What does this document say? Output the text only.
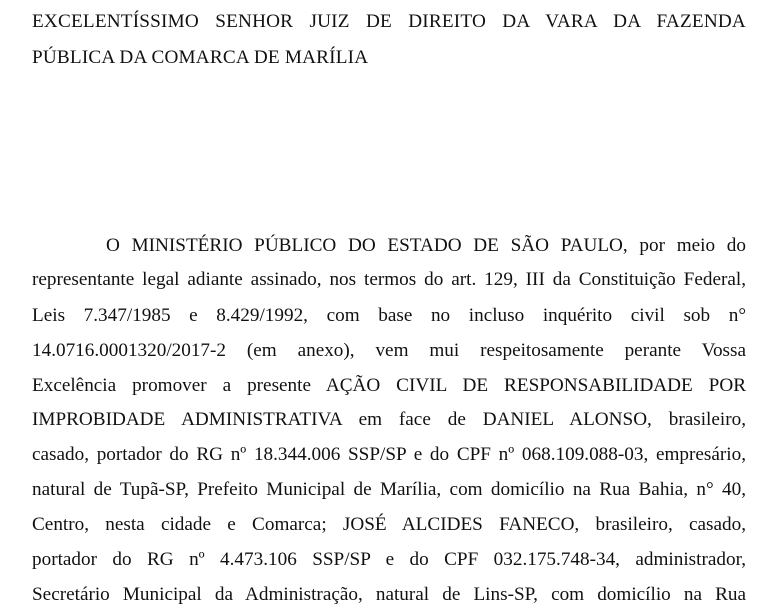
EXCELENTÍSSIMO SENHOR JUIZ DE DIREITO DA VARA DA FAZENDA
PÚBLICA DA COMARCA DE MARÍLIA
O MINISTÉRIO PÚBLICO DO ESTADO DE SÃO PAULO, por meio do
representante legal adiante assinado, nos termos do art. 129, III da Constituição Federal,
Leis 7.347/1985 e 8.429/1992, com base no incluso inquérito civil sob n°
14.0716.0001320/2017-2 (em anexo), vem mui respeitosamente perante Vossa
Excelência promover a presente AÇÃO CIVIL DE RESPONSABILIDADE POR
IMPROBIDADE ADMINISTRATIVA em face de DANIEL ALONSO, brasileiro,
casado, portador do RG nº 18.344.006 SSP/SP e do CPF nº 068.109.088-03, empresário,
natural de Tupã-SP, Prefeito Municipal de Marília, com domicílio na Rua Bahia, n° 40,
Centro, nesta cidade e Comarca; JOSÉ ALCIDES FANECO, brasileiro, casado,
portador do RG nº 4.473.106 SSP/SP e do CPF 032.175.748-34, administrador,
Secretário Municipal da Administração, natural de Lins-SP, com domicílio na Rua
